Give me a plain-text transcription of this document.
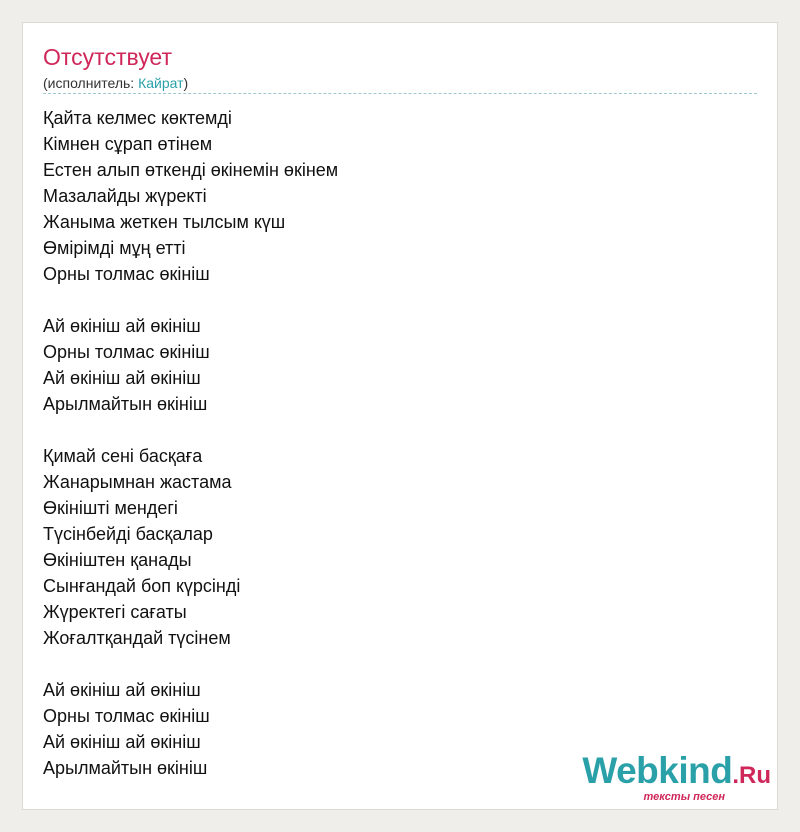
Отсутствует
(исполнитель: Кайрат)
Қайта келмес көктемді
Кімнен сұрап өтінем
Естен алып өткенді өкінемін өкінем
Мазалайды жүректі
Жаныма жеткен тылсым күш
Өмірімді мұң етті
Орны толмас өкініш
Ай өкініш ай өкініш
Орны толмас өкініш
Ай өкініш ай өкініш
Арылмайтын өкініш
Қимай сені басқаға
Жанарымнан жастама
Өкінішті мендегі
Түсінбейді басқалар
Өкініштен қанады
Сынғандай боп күрсінді
Жүректегі сағаты
Жоғалтқандай түсінем
Ай өкініш ай өкініш
Орны толмас өкініш
Ай өкініш ай өкініш
Арылмайтын өкініш	Webkind.Ru
тексты песен
